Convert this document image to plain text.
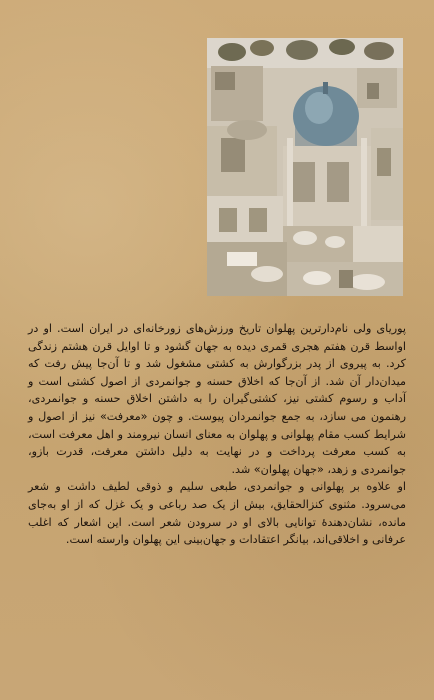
پوریای ولی نام‌دارترین پهلوان تاریخ ورزش‌های زورخانه‌ای در ایران است. او در اواسط قرن هفتم هجری قمری دیده به جهان گشود و تا اوایل قرن هشتم زندگی کرد. به پیروی از پدر بزرگوارش به کشتی مشغول شد و تا آن‌جا پیش رفت که میدان‌دار آن شد. از آن‌جا که اخلاق حسنه و جوانمردی از اصول کشتی است و آداب و رسوم کشتی نیز، کشتی‌گیران را به داشتن اخلاق حسنه و جوانمردی، رهنمون می سازد، به جمع جوانمردان پیوست. و چون «معرفت» نیز از اصول و شرایط کسب مقام پهلوانی و پهلوان به معنای انسان نیرومند و اهل معرفت است، به کسب معرفت پرداخت و در نهایت به دلیل داشتن معرفت، قدرت بازو، جوانمردی و زهد، «جهان پهلوان» شد.

او علاوه بر پهلوانی و جوانمردی، طبعی سلیم و ذوقی لطیف داشت و شعر می‌سرود. مثنوی کنزالحقایق، بیش از یک صد رباعی و یک غزل که از او به‌جای مانده، نشان‌دهندهٔ توانایی بالای او در سرودن شعر است. این اشعار که اغلب عرفانی و اخلاقی‌اند، بیانگر اعتقادات و جهان‌بینی این پهلوان وارسته است.
